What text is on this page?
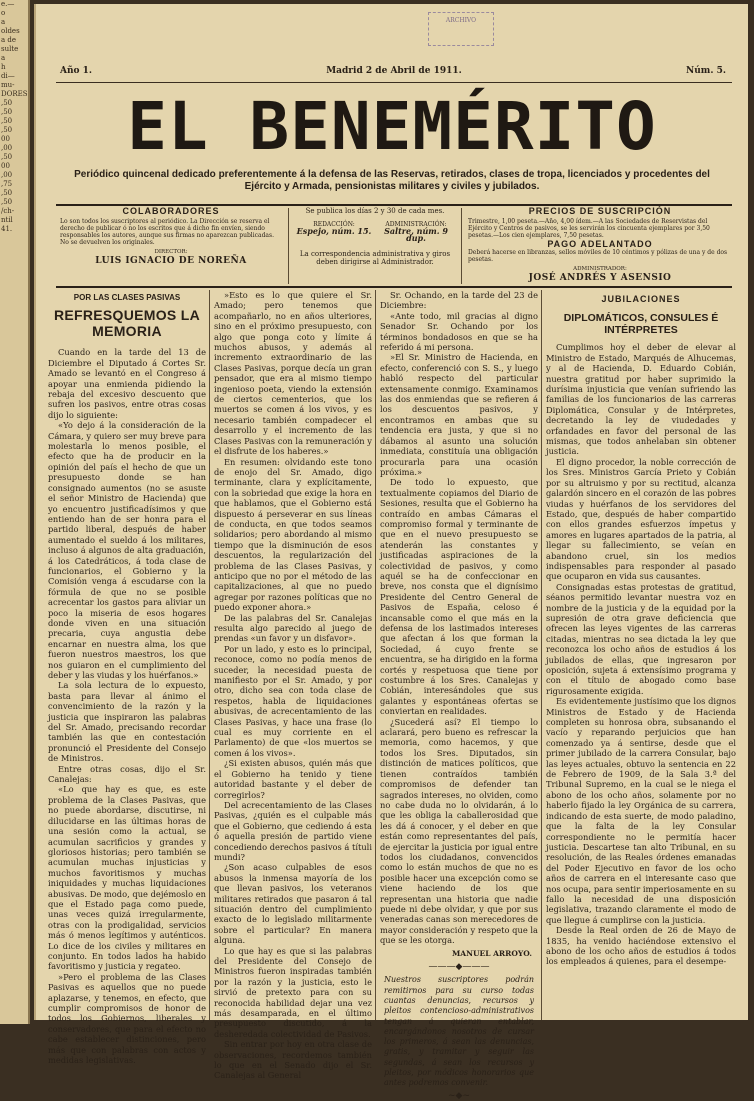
e.—
o
a
oldes
a de
sulte
a
h
di—
mu-
DORES
,50
,50
,50
,50
00
,00
,50
00
,00
,75
,50
,50
/ch-
ntil
41.
ARCHIVO
Año 1.	Madrid 2 de Abril de 1911.	Núm. 5.
EL BENEMÉRITO
Periódico quincenal dedicado preferentemente á la defensa de las Reservas, retirados, clases de tropa, licenciados y procedentes del Ejército y Armada, pensionistas militares y civiles y jubilados.
COLABORADORES
Lo son todos los suscriptores al periódico. La Dirección se reserva el derecho de publicar ó no los escritos que á dicho fin envíen, siendo responsables los autores, aunque sus firmas no aparezcan publicadas. No se devuelven los originales.
DIRECTOR:
LUIS IGNACIO DE NOREÑA
Se publica los días 2 y 30 de cada mes.
REDACCIÓN:
Espejo, núm. 15.
ADMINISTRACIÓN:
Saltre, núm. 9 dup.
La correspondencia administrativa y giros deben dirigirse al Administrador.
PRECIOS DE SUSCRIPCIÓN
Trimestre, 1,00 peseta.—Año, 4,00 ídem.—A las Sociedades de Reservistas del Ejército y Centros de pasivos, se les servirán los cincuenta ejemplares por 3,50 pesetas.—Los cien ejemplares, 7,50 pesetas.
PAGO ADELANTADO
Deberá hacerse en libranzas, sellos móviles de 10 céntimos y pólizas de una y de dos pesetas.
ADMINISTRADOR:
JOSÉ ANDRÉS Y ASENSIO
POR LAS CLASES PASIVAS
REFRESQUEMOS LA MEMORIA

Cuando en la tarde del 13 de Diciembre el Diputado á Cortes Sr. Amado se levantó en el Congreso á apoyar una enmienda pidiendo la rebaja del excesivo descuento que sufren los pasivos, entre otras cosas dijo lo siguiente:

«Yo dejo á la consideración de la Cámara, y quiero ser muy breve para molestarla lo menos posible, el efecto que ha de producir en la opinión del país el hecho de que un presupuesto donde se han consignado aumentos (no se asuste el señor Ministro de Hacienda) que yo encuentro justificadísimos y que entiendo han de ser honra para el partido liberal, después de haber aumentado el sueldo á los militares, incluso á algunos de alta graduación, á los Catedráticos, á toda clase de funcionarios, el Gobierno y la Comisión venga á escudarse con la fórmula de que no se posible acrecentar los gastos para aliviar un poco la miseria de esos hogares donde viven en una situación precaria, cuya angustia debe encarnar en nuestra alma, los que fueron nuestros maestros, los que nos guiaron en el cumplimiento del deber y las viudas y los huérfanos.»

La sola lectura de lo expuesto, basta para llevar al ánimo el convencimiento de la razón y la justicia que inspiraron las palabras del Sr. Amado, precisando recordar también las que en contestación pronunció el Presidente del Consejo de Ministros.

Entre otras cosas, dijo el Sr. Canalejas:

«Lo que hay es que, es este problema de la Clases Pasivas, que no puede abordarse, discutirse, ni dilucidarse en las últimas horas de una sesión como la actual, se acumulan sacrificios y grandes y gloriosos historias; pero también se acumulan muchas injusticias y muchos favoritismos y muchas iniquidades y muchas liquidaciones abusivas. De modo, que dejémoslo en que el Estado paga como puede, unas veces quizá irregularmente, otras con la prodigalidad, servicios más ó menos legítimos y auténticos. Lo dice de los civiles y militares en conjunto. En todos lados ha habido favoritismo y justicia y regateo.

»Pero el problema de las Clases Pasivas es aquellos que no puede aplazarse, y tenemos, en efecto, que cumplir compromisos de honor de todos los Gobiernos, liberales y conservadores, que para el efecto no cabe establecer distinciones, pero más que con palabras con actos y medidas legislativas.

»Esto es lo que quiere el Sr. Amado; pero tenemos que acompañarlo, no en años ulteriores, sino en el próximo presupuesto, con algo que ponga coto y límite á muchos abusos, y además al incremento extraordinario de las Clases Pasivas, porque decía un gran pensador, que era al mismo tiempo ingenioso poeta, viendo la extensión de ciertos cementerios, que los muertos se comen á los vivos, y es necesario también compadecer el desarrollo y el incremento de las Clases Pasivas con la remuneración y el disfrute de los haberes.»

En resumen: olvidando este tono de enojo del Sr. Amado, digo terminante, clara y explícitamente, con la sobriedad que exige la hora en que hablamos, que el Gobierno está dispuesto á perseverar en sus líneas de conducta, en que todos seamos solidarios; pero abordando al mismo tiempo que la disminución de esos descuentos, la regularización del problema de las Clases Pasivas, y anticipo que no por el método de las capitalizaciones, al que no puedo agregar por razones políticas que no puedo exponer ahora.»

De las palabras del Sr. Canalejas resulta algo parecido al juego de prendas «un favor y un disfavor».

Por un lado, y esto es lo principal, reconoce, como no podía menos de suceder, la necesidad puesta de manifiesto por el Sr. Amado, y por otro, dicho sea con toda clase de respetos, habla de liquidaciones abusivas, de acrecentamiento de las Clases Pasivas, y hace una frase (lo cual es muy corriente en el Parlamento) de que «los muertos se comen á los vivos».

¿Si existen abusos, quién más que el Gobierno ha tenido y tiene autoridad bastante y el deber de corregirlos?

Del acrecentamiento de las Clases Pasivas, ¿quién es el culpable más que el Gobierno, que cediendo á esta ó aquella presión de partido viene concediendo derechos pasivos á títuli mundi?

¿Son acaso culpables de esos abusos la inmensa mayoría de los que llevan pasivos, los veteranos militares retirados que pasaron á tal situación dentro del cumplimiento exacto de lo legislado militarmente sobre el particular? En manera alguna.

Lo que hay es que si las palabras del Presidente del Consejo de Ministros fueron inspiradas también por la razón y la justicia, esto le sirvió de pretexto para con su reconocida habilidad dejar una vez más desamparada, en el último presupuesto discutido, á la desheredada colectividad de Pasivos.

Sin entrar por hoy en otra clase de observaciones, recordemos también lo que en el Senado dijo el Sr. Canalejas al General

Sr. Ochando, en la tarde del 23 de Diciembre:

«Ante todo, mil gracias al digno Senador Sr. Ochando por los términos bondadosos en que se ha referido á mi persona.

»El Sr. Ministro de Hacienda, en efecto, conferenció con S. S., y luego habló respecto del particular extensamente conmigo. Examinamos las dos enmiendas que se refieren á los descuentos pasivos, y encontramos en ambas que su tendencia era justa, y que si no dábamos al asunto una solución inmediata, constituía una obligación procurarla para una ocasión próxima.»

De todo lo expuesto, que textualmente copiamos del Diario de Sesiones, resulta que el Gobierno ha contraído en ambas Cámaras el compromiso formal y terminante de que en el nuevo presupuesto se atenderán las constantes y justificadas aspiraciones de la colectividad de pasivos, y como aquél se ha de confeccionar en breve, nos consta que el dignísimo Presidente del Centro General de Pasivos de España, celoso é incansable como el que más en la defensa de los lastimados intereses que afectan á los que forman la Sociedad, á cuyo frente se encuentra, se ha dirigido en la forma cortés y respetuosa que tiene por costumbre á los Sres. Canalejas y Cobián, interesándoles que sus galantes y espontáneas ofertas se conviertan en realidades.

¿Sucederá así? El tiempo lo aclarará, pero bueno es refrescar la memoria, como hacemos, y que todos los Sres. Diputados, sin distinción de matices políticos, que tienen contraídos también compromisos de defender tan sagrados intereses, no olviden, como no cabe duda no lo olvidarán, á lo que les obliga la caballerosidad que les dá á conocer, y el deber en que están como representantes del país, de ejercitar la justicia por igual entre todos los ciudadanos, convencidos como lo están muchos de que no es posible hacer una excepción como se viene haciendo de los que representan una historia que nadie puede ni debe olvidar, y que por sus veneradas canas son merecedores de mayor consideración y respeto que la que se les otorga.

MANUEL ARROYO.
———◆———
Nuestros suscriptores podrán remitirnos para su curso todas cuantas denuncias, recursos y pleitos contencioso-administrativos tengan á quieran entablar, encargándonos nosotros de cursar los primeros, á sean las denuncias, gratis, y tramitar y seguir las segundas, á sean los recursos y pleitos, por módicos honorarios que antes podremos convenir.
~◆~
JUBILACIONES
DIPLOMÁTICOS, CONSULES É INTÉRPRETES

Cumplimos hoy el deber de elevar al Ministro de Estado, Marqués de Alhucemas, y al de Hacienda, D. Eduardo Cobián, nuestra gratitud por haber suprimido la durísima injusticia que venían sufriendo las familias de los funcionarios de las carreras Diplomática, Consular y de Intérpretes, decretando la ley de viudedades y orfandades en favor del personal de las mismas, que todos anhelaban sin obtener justicia.

El digno procedor, la noble corrección de los Sres. Ministros García Prieto y Cobián por su altruismo y por su rectitud, alcanza galardón sincero en el corazón de las pobres viudas y huérfanos de los servidores del Estado, que, después de haber compartido con ellos grandes esfuerzos ímpetus y amores en lugares apartados de la patria, al llegar su fallecimiento, se veían en abandono cruel, sin los medios indispensables para responder al pasado que ocuparon en vida sus causantes.

Consignadas estas protestas de gratitud, séanos permitido levantar nuestra voz en nombre de la justicia y de la equidad por la supresión de otra grave deficiencia que ofrecen las leyes vigentes de las carreras citadas, mientras no sea dictada la ley que reconozca los ocho años de estudios á los jubilados de ellas, que ingresaron por oposición, sujeta á extensísimo programa y con el título de abogado como base rigurosamente exigida.

Es evidentemente justísimo que los dignos Ministros de Estado y de Hacienda completen su honrosa obra, subsanando el vacío y reparando perjuicios que han comenzado ya á sentirse, desde que el primer jubilado de la carrera Consular, bajo las leyes actuales, obtuvo la sentencia en 22 de Febrero de 1909, de la Sala 3.ª del Tribunal Supremo, en la cual se le niega el abono de los ocho años, solamente por no haberlo fijado la ley Orgánica de su carrera, indicando de esta suerte, de modo paladino, que la falta de la ley Consular correspondiente no le permitía hacer justicia. Descartese tan alto Tribunal, en su resolución, de las Reales órdenes emanadas del Poder Ejecutivo en favor de los ocho años de carrera en el interesante caso que nos ocupa, para sentir imperiosamente en su fallo la necesidad de una disposición legislativa, trazando claramente el modo de que llegue á cumplirse con la justicia.

Desde la Real orden de 26 de Mayo de 1835, ha venido haciéndose extensivo el abono de los ocho años de estudios á todos los empleados á quienes, para el desempe-
